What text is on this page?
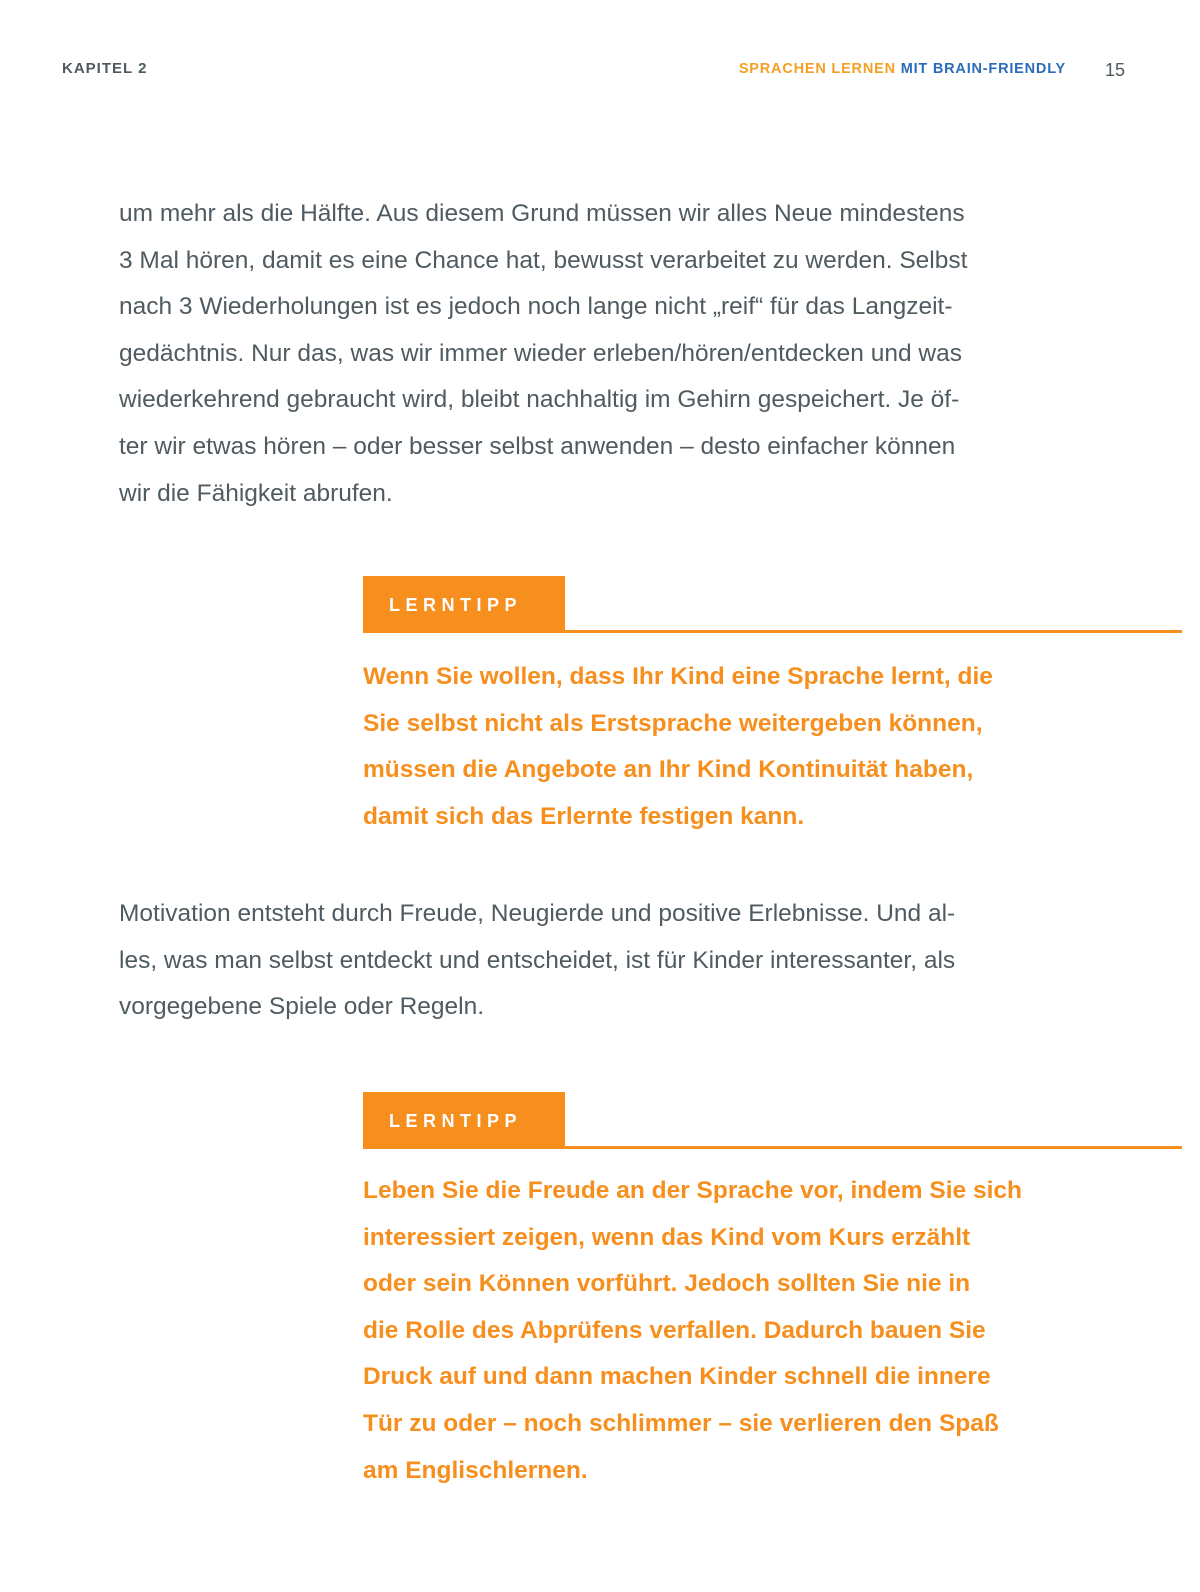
KAPITEL 2	SPRACHEN LERNEN MIT BRAIN-FRIENDLY 15
um mehr als die Hälfte. Aus diesem Grund müssen wir alles Neue mindestens
3 Mal hören, damit es eine Chance hat, bewusst verarbeitet zu werden. Selbst
nach 3 Wiederholungen ist es jedoch noch lange nicht „reif“ für das Langzeit-
gedächtnis. Nur das, was wir immer wieder erleben/hören/entdecken und was
wiederkehrend gebraucht wird, bleibt nachhaltig im Gehirn gespeichert. Je öf-
ter wir etwas hören – oder besser selbst anwenden – desto einfacher können
wir die Fähigkeit abrufen.
LERNTIPP
Wenn Sie wollen, dass Ihr Kind eine Sprache lernt, die
Sie selbst nicht als Erstsprache weitergeben können,
müssen die Angebote an Ihr Kind Kontinuität haben,
damit sich das Erlernte festigen kann.
Motivation entsteht durch Freude, Neugierde und positive Erlebnisse. Und al-
les, was man selbst entdeckt und entscheidet, ist für Kinder interessanter, als
vorgegebene Spiele oder Regeln.
LERNTIPP
Leben Sie die Freude an der Sprache vor, indem Sie sich
interessiert zeigen, wenn das Kind vom Kurs erzählt
oder sein Können vorführt. Jedoch sollten Sie nie in
die Rolle des Abprüfens verfallen. Dadurch bauen Sie
Druck auf und dann machen Kinder schnell die innere
Tür zu oder – noch schlimmer – sie verlieren den Spaß
am Englischlernen.
